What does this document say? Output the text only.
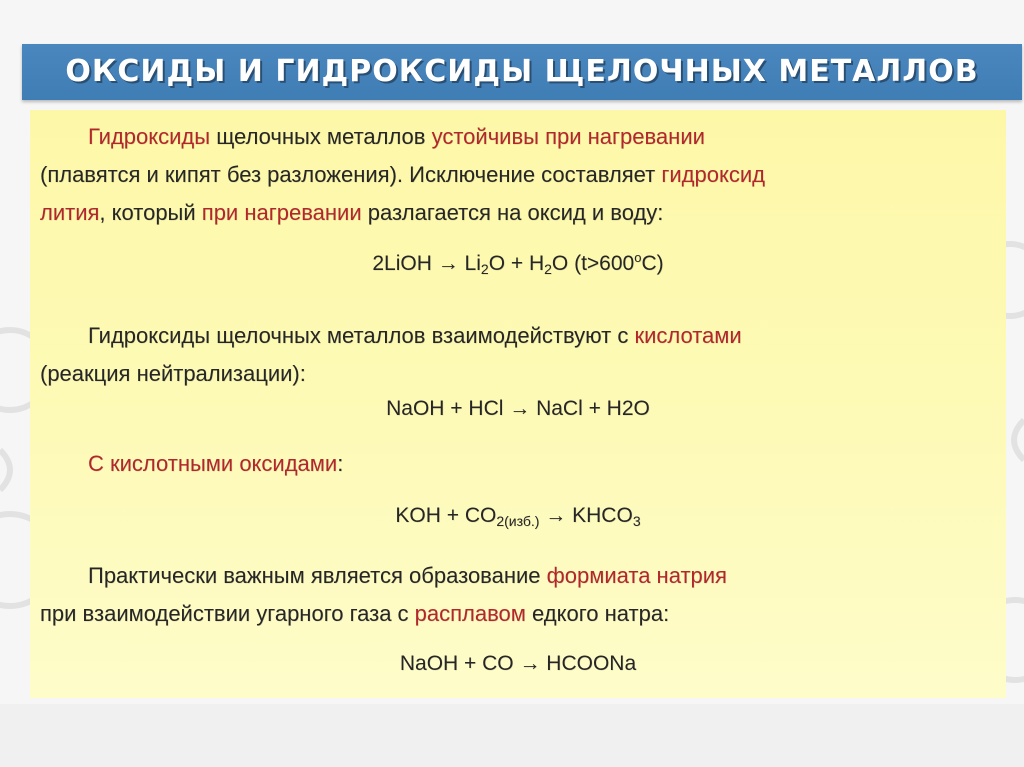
ОКСИДЫ И ГИДРОКСИДЫ ЩЕЛОЧНЫХ МЕТАЛЛОВ
Гидроксиды щелочных металлов устойчивы при нагревании
(плавятся и кипят без разложения). Исключение составляет гидроксид
лития, который при нагревании разлагается на оксид и воду:
2LiOH → $Li_2O + H_2O$ $(t>600^oC)$
Гидроксиды щелочных металлов взаимодействуют с кислотами
(реакция нейтрализации):
NaOH + HCl → NaCl + H2O
С кислотными оксидами:
KOH + $CO_{2(изб.)}$ → $KHCO_3$
Практически важным является образование формиата натрия
при взаимодействии угарного газа с расплавом едкого натра:
NaOH + CO → HCOONa
